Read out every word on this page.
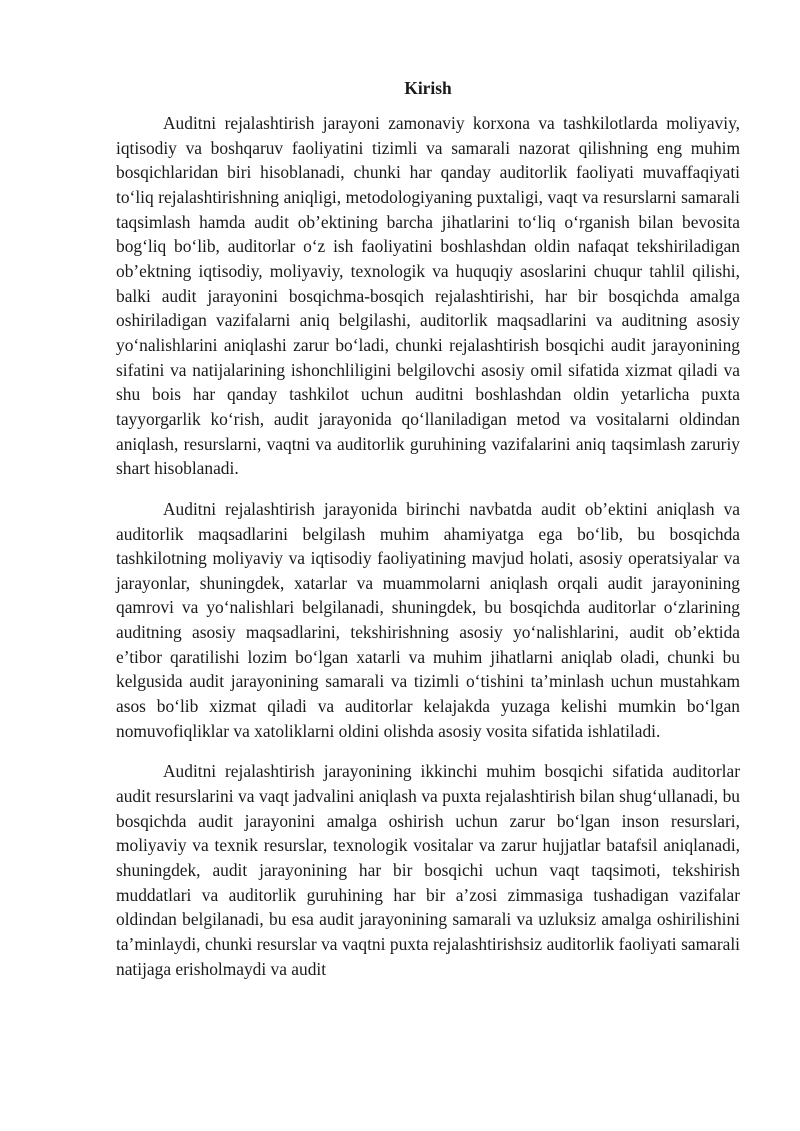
Kirish

Auditni rejalashtirish jarayoni zamonaviy korxona va tashkilotlarda moliyaviy, iqtisodiy va boshqaruv faoliyatini tizimli va samarali nazorat qilishning eng muhim bosqichlaridan biri hisoblanadi, chunki har qanday auditorlik faoliyati muvaffaqiyati to‘liq rejalashtirishning aniqligi, metodologiyaning puxtaligi, vaqt va resurslarni samarali taqsimlash hamda audit ob’ektining barcha jihatlarini to‘liq o‘rganish bilan bevosita bog‘liq bo‘lib, auditorlar o‘z ish faoliyatini boshlashdan oldin nafaqat tekshiriladigan ob’ektning iqtisodiy, moliyaviy, texnologik va huquqiy asoslarini chuqur tahlil qilishi, balki audit jarayonini bosqichma-bosqich rejalashtirishi, har bir bosqichda amalga oshiriladigan vazifalarni aniq belgilashi, auditorlik maqsadlarini va auditning asosiy yo‘nalishlarini aniqlashi zarur bo‘ladi, chunki rejalashtirish bosqichi audit jarayonining sifatini va natijalarining ishonchliligini belgilovchi asosiy omil sifatida xizmat qiladi va shu bois har qanday tashkilot uchun auditni boshlashdan oldin yetarlicha puxta tayyorgarlik ko‘rish, audit jarayonida qo‘llaniladigan metod va vositalarni oldindan aniqlash, resurslarni, vaqtni va auditorlik guruhining vazifalarini aniq taqsimlash zaruriy shart hisoblanadi.

Auditni rejalashtirish jarayonida birinchi navbatda audit ob’ektini aniqlash va auditorlik maqsadlarini belgilash muhim ahamiyatga ega bo‘lib, bu bosqichda tashkilotning moliyaviy va iqtisodiy faoliyatining mavjud holati, asosiy operatsiyalar va jarayonlar, shuningdek, xatarlar va muammolarni aniqlash orqali audit jarayonining qamrovi va yo‘nalishlari belgilanadi, shuningdek, bu bosqichda auditorlar o‘zlarining auditning asosiy maqsadlarini, tekshirishning asosiy yo‘nalishlarini, audit ob’ektida e’tibor qaratilishi lozim bo‘lgan xatarli va muhim jihatlarni aniqlab oladi, chunki bu kelgusida audit jarayonining samarali va tizimli o‘tishini ta’minlash uchun mustahkam asos bo‘lib xizmat qiladi va auditorlar kelajakda yuzaga kelishi mumkin bo‘lgan nomuvofiqliklar va xatoliklarni oldini olishda asosiy vosita sifatida ishlatiladi.

Auditni rejalashtirish jarayonining ikkinchi muhim bosqichi sifatida auditorlar audit resurslarini va vaqt jadvalini aniqlash va puxta rejalashtirish bilan shug‘ullanadi, bu bosqichda audit jarayonini amalga oshirish uchun zarur bo‘lgan inson resurslari, moliyaviy va texnik resurslar, texnologik vositalar va zarur hujjatlar batafsil aniqlanadi, shuningdek, audit jarayonining har bir bosqichi uchun vaqt taqsimoti, tekshirish muddatlari va auditorlik guruhining har bir a’zosi zimmasiga tushadigan vazifalar oldindan belgilanadi, bu esa audit jarayonining samarali va uzluksiz amalga oshirilishini ta’minlaydi, chunki resurslar va vaqtni puxta rejalashtirishsiz auditorlik faoliyati samarali natijaga erisholmaydi va audit
